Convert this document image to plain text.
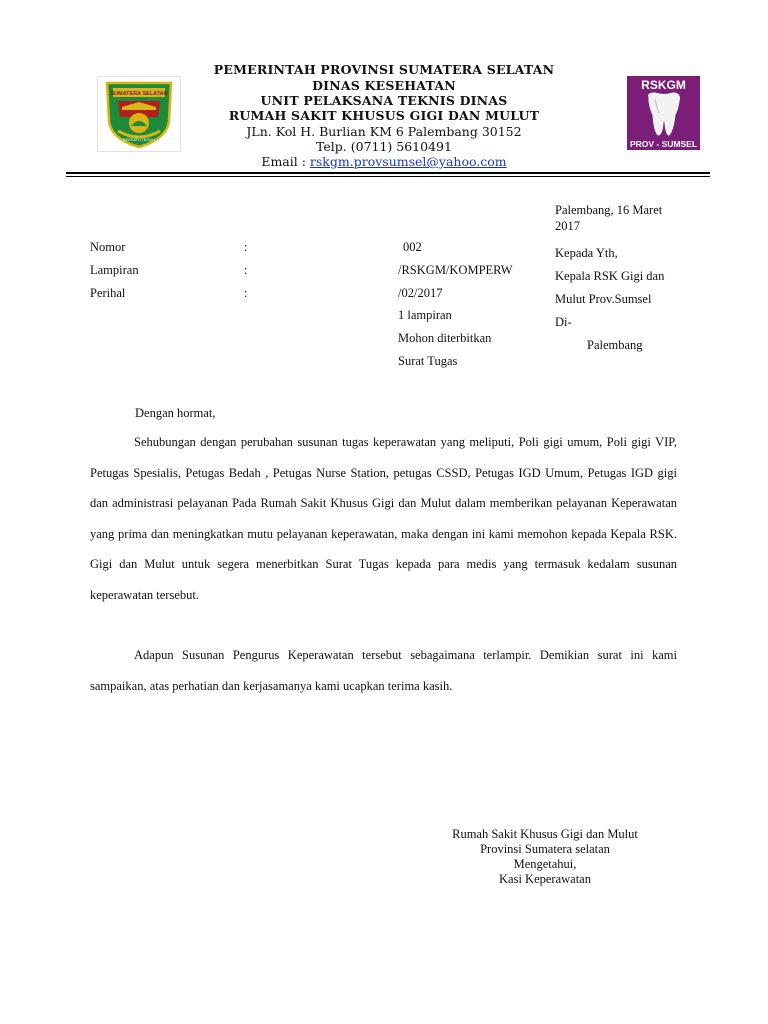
PEMERINTAH PROVINSI SUMATERA SELATAN
DINAS KESEHATAN
UNIT PELAKSANA TEKNIS DINAS
RUMAH SAKIT KHUSUS GIGI DAN MULUT
JLn. Kol H. Burlian KM 6 Palembang 30152
Telp. (0711) 5610491
Email : rskgm.provsumsel@yahoo.com
SUMATERA SELATAN
BERSATU TEGUH
RSKGM
PROV - SUMSEL
Palembang, 16 Maret
2017
Nomor
Lampiran
Perihal
:
:
:
002
/RSKGM/KOMPERW
/02/2017
1 lampiran
Mohon diterbitkan
Surat Tugas
Kepada Yth,
Kepala RSK Gigi dan
Mulut Prov.Sumsel
Di-
Palembang
Dengan hormat,
Sehubungan dengan perubahan susunan tugas keperawatan yang meliputi, Poli gigi umum, Poli gigi VIP, Petugas Spesialis, Petugas Bedah , Petugas Nurse Station, petugas CSSD, Petugas IGD Umum, Petugas IGD gigi dan administrasi pelayanan Pada Rumah Sakit Khusus Gigi dan Mulut dalam memberikan pelayanan Keperawatan yang prima dan meningkatkan mutu pelayanan keperawatan, maka dengan ini kami memohon kepada Kepala RSK. Gigi dan Mulut untuk segera menerbitkan Surat Tugas kepada para medis yang termasuk kedalam susunan keperawatan tersebut.
Adapun Susunan Pengurus Keperawatan tersebut sebagaimana terlampir. Demikian surat ini kami sampaikan, atas perhatian dan kerjasamanya kami ucapkan terima kasih.
Rumah Sakit Khusus Gigi dan Mulut
Provinsi Sumatera selatan
Mengetahui,
Kasi Keperawatan
